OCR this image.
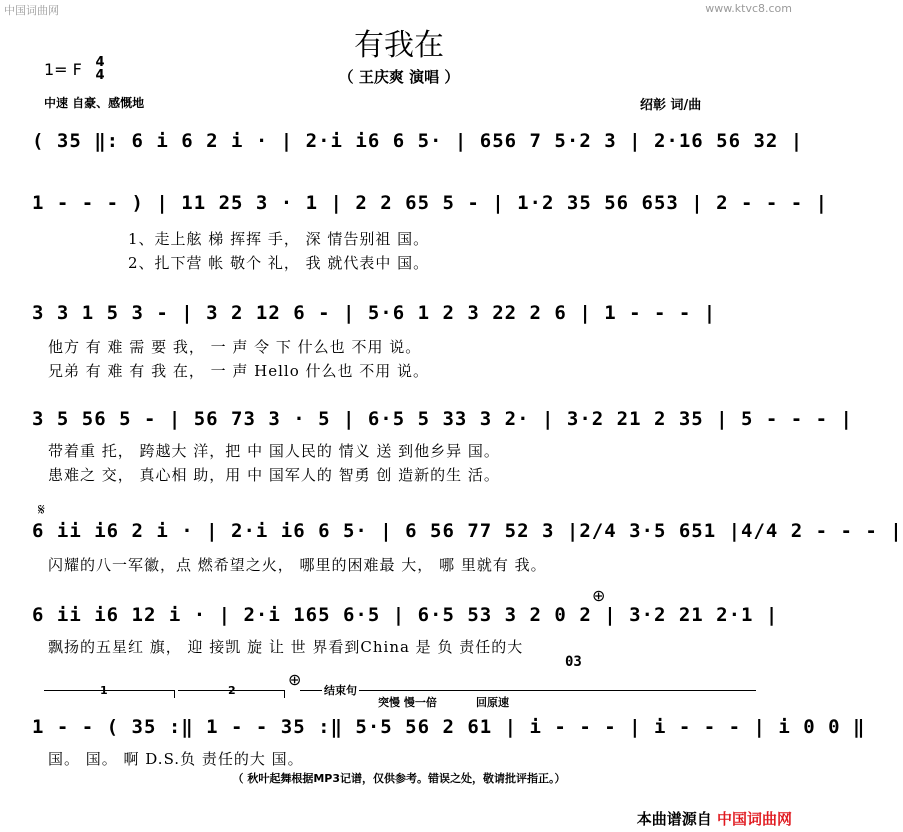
中国词曲网	www.ktvc8.com
有我在
（ 王庆爽 演唱 ）
1= F 4
4
中速 自豪、感慨地	绍彰 词/曲
( 35 ‖: 6 i 6 2 i · | 2·i i6 6 5· | 656 7 5·2 3 | 2·16 56 32 |
1 - - - ) | 11 25 3 · 1 | 2 2 65 5 - | 1·2 35 56 653 | 2 - - - |
1、走上舷 梯 挥挥 手， 深 情告别祖 国。
2、扎下营 帐 敬个 礼， 我 就代表中 国。
3 3 1 5 3 - | 3 2 12 6 - | 5·6 1 2 3 22 2 6 | 1 - - - |
他方 有 难 需 要 我， 一 声 令 下 什么也 不用 说。
兄弟 有 难 有 我 在， 一 声 Hello 什么也 不用 说。
3 5 56 5 - | 56 73 3 · 5 | 6·5 5 33 3 2· | 3·2 21 2 35 | 5 - - - |
带着重 托， 跨越大 洋，把 中 国人民的 情义 送 到他乡异 国。
患难之 交， 真心相 助，用 中 国军人的 智勇 创 造新的生 活。
𝄋
6 ii i6 2 i · | 2·i i6 6 5· | 6 56 77 52 3 |2/4 3·5 651 |4/4 2 - - - |
闪耀的八一军徽，点 燃希望之火， 哪里的困难最 大， 哪 里就有 我。
⊕
6 ii i6 12 i · | 2·i 165 6·5 | 6·5 53 3 2 0 2 | 3·2 21 2·1 |
飘扬的五星红 旗， 迎 接凯 旋 让 世 界看到China 是 负 责任的大
03
1	2
⊕
结束句
突慢 慢一倍	回原速
1 - - ( 35 :‖ 1 - - 35 :‖ 5·5 56 2 61 | i - - - | i - - - | i 0 0 ‖
国。 国。 啊 D.S.负 责任的大 国。
（ 秋叶起舞根据MP3记谱，仅供参考。错误之处，敬请批评指正。）
本曲谱源自 中国词曲网
